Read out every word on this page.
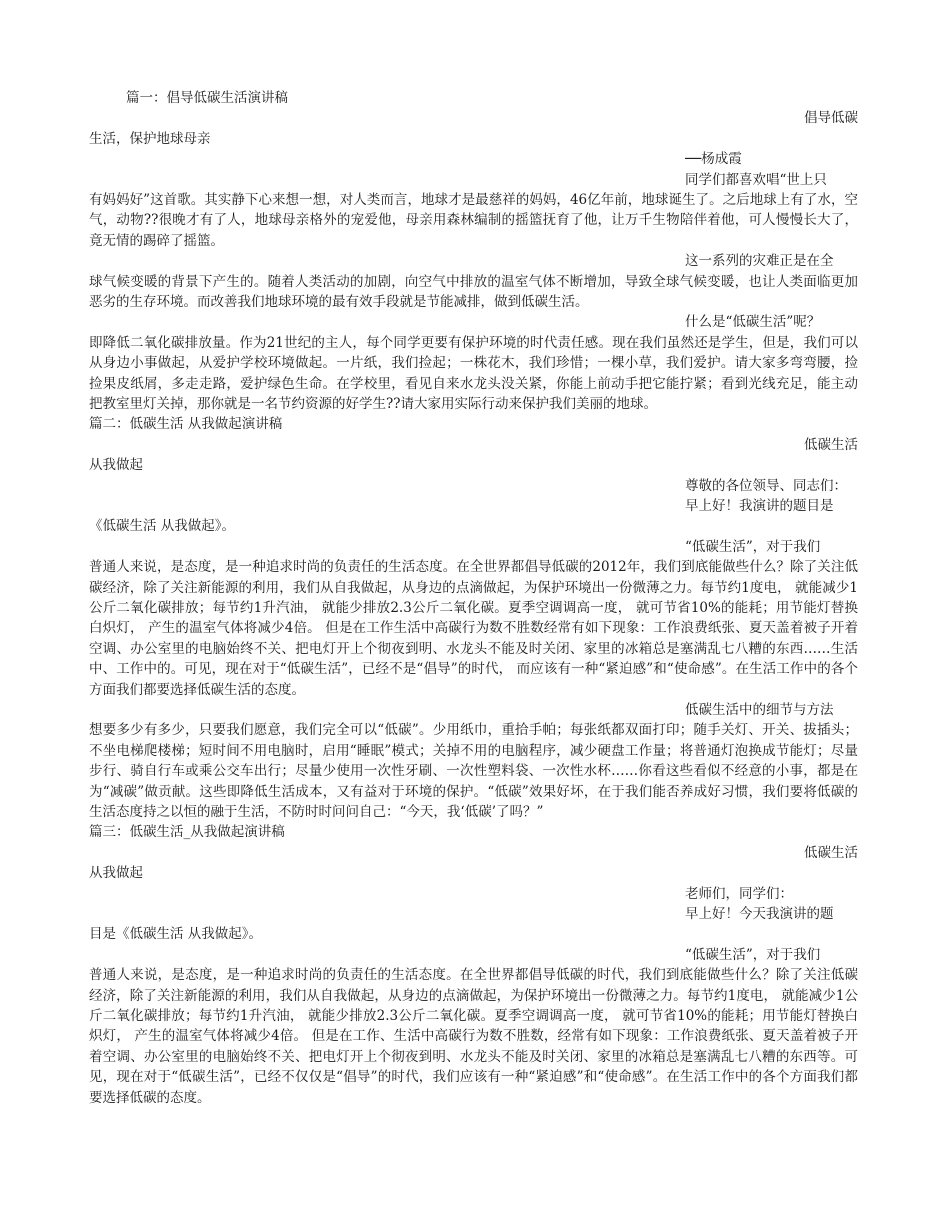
篇一：倡导低碳生活演讲稿
倡导低碳
生活，保护地球母亲
──杨成霞
同学们都喜欢唱“世上只

有妈妈好”这首歌。其实静下心来想一想，对人类而言，地球才是最慈祥的妈妈，46亿年前，地球诞生了。之后地球上有了水，空气，动物??很晚才有了人，地球母亲格外的宠爱他，母亲用森林编制的摇篮抚育了他，让万千生物陪伴着他，可人慢慢长大了，竟无情的踢碎了摇篮。

这一系列的灾难正是在全

球气候变暖的背景下产生的。随着人类活动的加剧，向空气中排放的温室气体不断增加，导致全球气候变暖，也让人类面临更加恶劣的生存环境。而改善我们地球环境的最有效手段就是节能减排，做到低碳生活。

什么是“低碳生活”呢？

即降低二氧化碳排放量。作为21世纪的主人，每个同学更要有保护环境的时代责任感。现在我们虽然还是学生，但是，我们可以从身边小事做起，从爱护学校环境做起。一片纸，我们捡起；一株花木，我们珍惜；一棵小草，我们爱护。请大家多弯弯腰，捡捡果皮纸屑，多走走路，爱护绿色生命。在学校里，看见自来水龙头没关紧，你能上前动手把它能拧紧；看到光线充足，能主动把教室里灯关掉，那你就是一名节约资源的好学生??请大家用实际行动来保护我们美丽的地球。

篇二：低碳生活 从我做起演讲稿
低碳生活
从我做起
尊敬的各位领导、同志们：
早上好！我演讲的题目是
《低碳生活 从我做起》。
“低碳生活”，对于我们

普通人来说，是态度，是一种追求时尚的负责任的生活态度。在全世界都倡导低碳的2012年，我们到底能做些什么？除了关注低碳经济，除了关注新能源的利用，我们从自我做起，从身边的点滴做起，为保护环境出一份微薄之力。每节约1度电， 就能减少1公斤二氧化碳排放；每节约1升汽油， 就能少排放2.3公斤二氧化碳。夏季空调调高一度， 就可节省10%的能耗；用节能灯替换白炽灯， 产生的温室气体将减少4倍。 但是在工作生活中高碳行为数不胜数经常有如下现象：工作浪费纸张、夏天盖着被子开着空调、办公室里的电脑始终不关、把电灯开上个彻夜到明、水龙头不能及时关闭、家里的冰箱总是塞满乱七八糟的东西……生活中、工作中的。可见，现在对于“低碳生活”，已经不是“倡导”的时代， 而应该有一种“紧迫感”和“使命感”。在生活工作中的各个方面我们都要选择低碳生活的态度。

低碳生活中的细节与方法

想要多少有多少，只要我们愿意，我们完全可以“低碳”。少用纸巾，重拾手帕；每张纸都双面打印；随手关灯、开关、拔插头；不坐电梯爬楼梯；短时间不用电脑时，启用“睡眠”模式；关掉不用的电脑程序，减少硬盘工作量；将普通灯泡换成节能灯；尽量步行、骑自行车或乘公交车出行；尽量少使用一次性牙刷、一次性塑料袋、一次性水杯……你看这些看似不经意的小事，都是在为“减碳”做贡献。这些即降低生活成本，又有益对于环境的保护。“低碳”效果好坏，在于我们能否养成好习惯，我们要将低碳的生活态度持之以恒的融于生活，不防时时问问自己：“今天，我‘低碳’了吗？”

篇三：低碳生活_从我做起演讲稿
低碳生活
从我做起
老师们，同学们：
早上好！今天我演讲的题
目是《低碳生活 从我做起》。
“低碳生活”，对于我们

普通人来说，是态度，是一种追求时尚的负责任的生活态度。在全世界都倡导低碳的时代，我们到底能做些什么？除了关注低碳经济，除了关注新能源的利用，我们从自我做起，从身边的点滴做起，为保护环境出一份微薄之力。每节约1度电， 就能减少1公斤二氧化碳排放；每节约1升汽油， 就能少排放2.3公斤二氧化碳。夏季空调调高一度， 就可节省10%的能耗；用节能灯替换白炽灯， 产生的温室气体将减少4倍。 但是在工作、生活中高碳行为数不胜数，经常有如下现象：工作浪费纸张、夏天盖着被子开着空调、办公室里的电脑始终不关、把电灯开上个彻夜到明、水龙头不能及时关闭、家里的冰箱总是塞满乱七八糟的东西等。可见，现在对于“低碳生活”，已经不仅仅是“倡导”的时代，我们应该有一种“紧迫感”和“使命感”。在生活工作中的各个方面我们都要选择低碳的态度。
